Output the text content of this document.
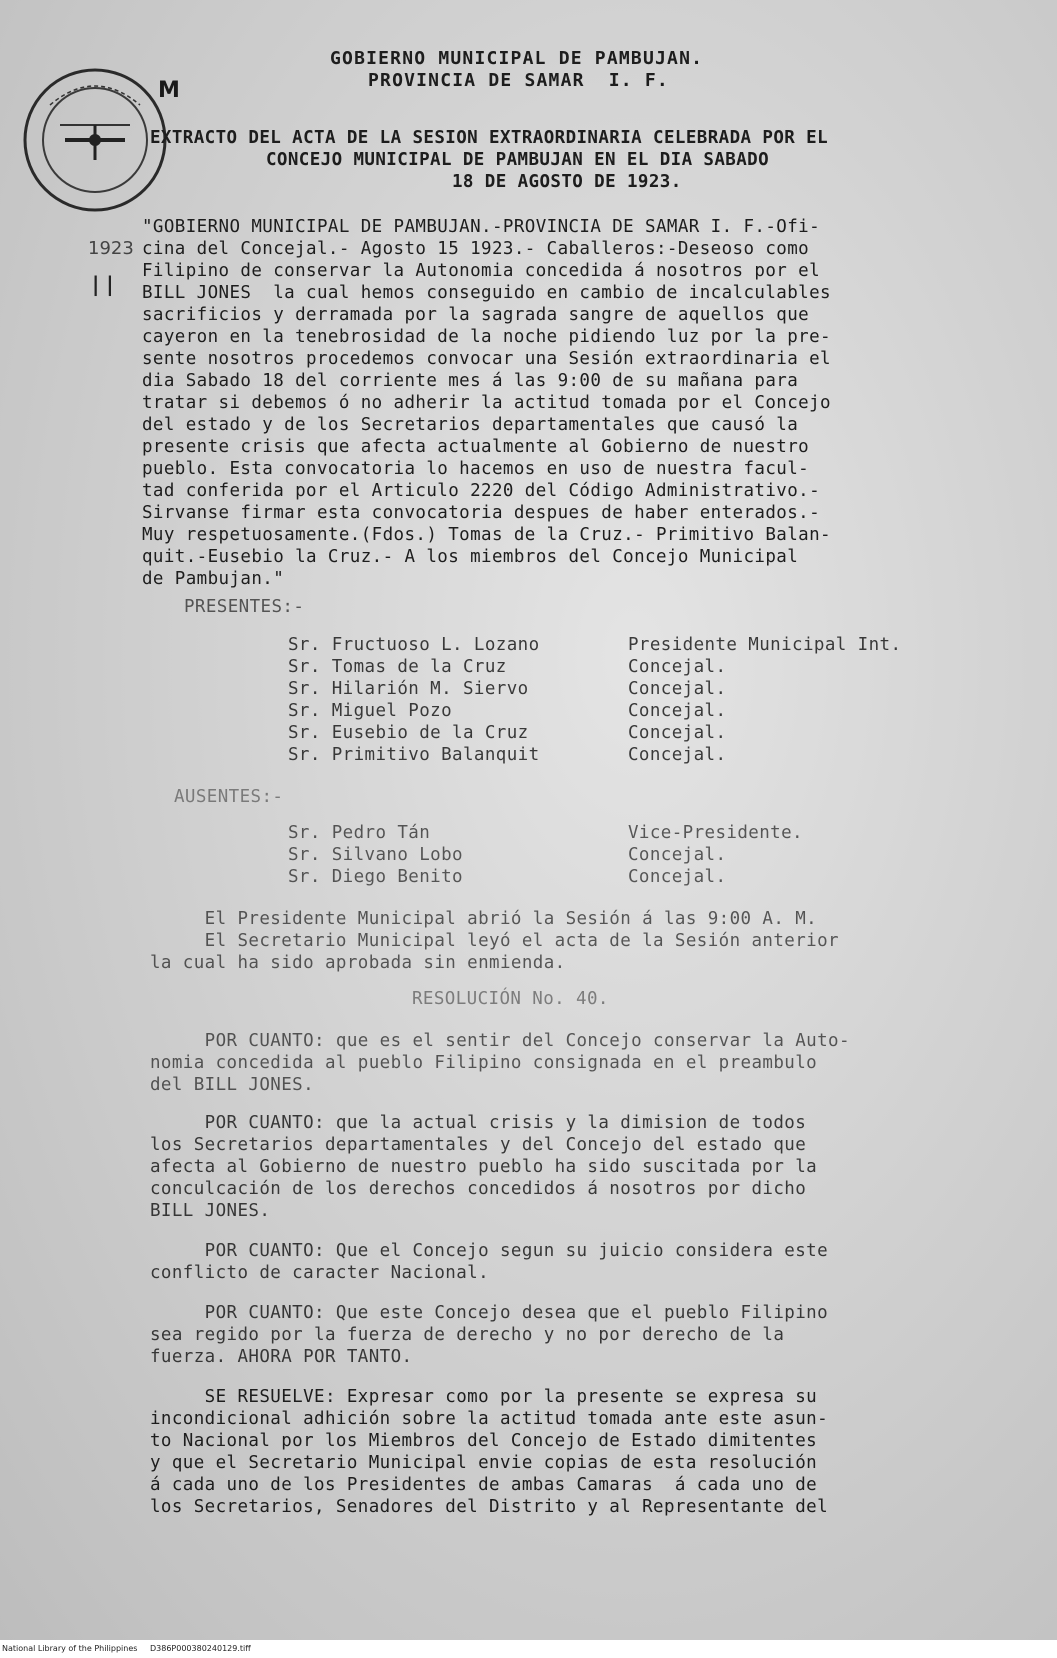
M
1923
| |
GOBIERNO MUNICIPAL DE PAMBUJAN.
PROVINCIA DE SAMAR  I. F.
EXTRACTO DEL ACTA DE LA SESION EXTRAORDINARIA CELEBRADA POR EL
CONCEJO MUNICIPAL DE PAMBUJAN EN EL DIA SABADO
18 DE AGOSTO DE 1923.
"GOBIERNO MUNICIPAL DE PAMBUJAN.-PROVINCIA DE SAMAR I. F.-Ofi-
cina del Concejal.- Agosto 15 1923.- Caballeros:-Deseoso como
Filipino de conservar la Autonomia concedida á nosotros por el
BILL JONES  la cual hemos conseguido en cambio de incalculables
sacrificios y derramada por la sagrada sangre de aquellos que
cayeron en la tenebrosidad de la noche pidiendo luz por la pre-
sente nosotros procedemos convocar una Sesión extraordinaria el
dia Sabado 18 del corriente mes á las 9:00 de su mañana para
tratar si debemos ó no adherir la actitud tomada por el Concejo
del estado y de los Secretarios departamentales que causó la
presente crisis que afecta actualmente al Gobierno de nuestro
pueblo. Esta convocatoria lo hacemos en uso de nuestra facul-
tad conferida por el Articulo 2220 del Código Administrativo.-
Sirvanse firmar esta convocatoria despues de haber enterados.-
Muy respetuosamente.(Fdos.) Tomas de la Cruz.- Primitivo Balan-
quit.-Eusebio la Cruz.- A los miembros del Concejo Municipal
de Pambujan."
PRESENTES:-
Sr. Fructuoso L. Lozano	Presidente Municipal Int.
Sr. Tomas de la Cruz	Concejal.
Sr. Hilarión M. Siervo	Concejal.
Sr. Miguel Pozo	Concejal.
Sr. Eusebio de la Cruz	Concejal.
Sr. Primitivo Balanquit	Concejal.
AUSENTES:-
Sr. Pedro Tán	Vice-Presidente.
Sr. Silvano Lobo	Concejal.
Sr. Diego Benito	Concejal.
El Presidente Municipal abrió la Sesión á las 9:00 A. M.
El Secretario Municipal leyó el acta de la Sesión anterior
la cual ha sido aprobada sin enmienda.
RESOLUCIÓN No. 40.
POR CUANTO: que es el sentir del Concejo conservar la Auto-
nomia concedida al pueblo Filipino consignada en el preambulo
del BILL JONES.
POR CUANTO: que la actual crisis y la dimision de todos
los Secretarios departamentales y del Concejo del estado que
afecta al Gobierno de nuestro pueblo ha sido suscitada por la
conculcación de los derechos concedidos á nosotros por dicho
BILL JONES.
POR CUANTO: Que el Concejo segun su juicio considera este
conflicto de caracter Nacional.
POR CUANTO: Que este Concejo desea que el pueblo Filipino
sea regido por la fuerza de derecho y no por derecho de la
fuerza. AHORA POR TANTO.
SE RESUELVE: Expresar como por la presente se expresa su
incondicional adhición sobre la actitud tomada ante este asun-
to Nacional por los Miembros del Concejo de Estado dimitentes
y que el Secretario Municipal envie copias de esta resolución
á cada uno de los Presidentes de ambas Camaras  á cada uno de
los Secretarios, Senadores del Distrito y al Representante del
National Library of the Philippines D386P000380240129.tiff
